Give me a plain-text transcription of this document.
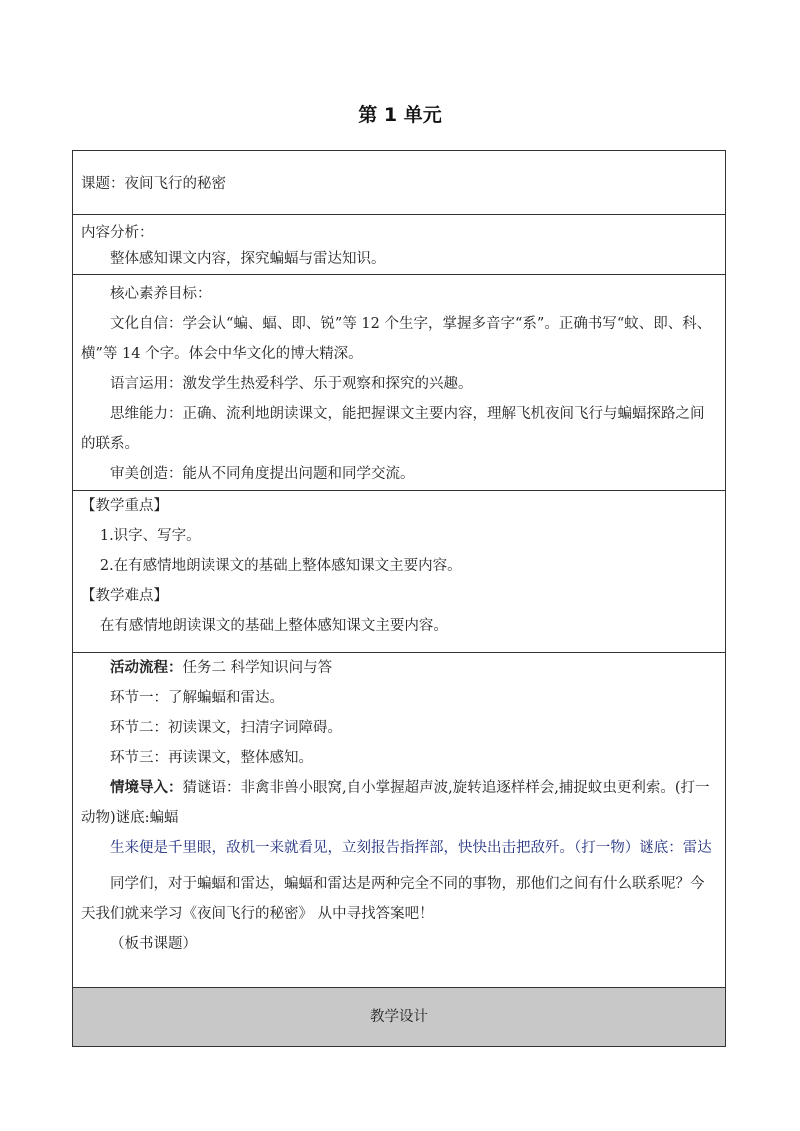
第 1 单元
课题：夜间飞行的秘密

内容分析：

整体感知课文内容，探究蝙蝠与雷达知识。

核心素养目标：

文化自信：学会认“蝙、蝠、即、锐”等 12 个生字，掌握多音字“系”。正确书写“蚊、即、科、横”等 14 个字。体会中华文化的博大精深。

语言运用：激发学生热爱科学、乐于观察和探究的兴趣。

思维能力：正确、流利地朗读课文，能把握课文主要内容，理解飞机夜间飞行与蝙蝠探路之间的联系。

审美创造：能从不同角度提出问题和同学交流。

【教学重点】

1.识字、写字。

2.在有感情地朗读课文的基础上整体感知课文主要内容。

【教学难点】

在有感情地朗读课文的基础上整体感知课文主要内容。

活动流程：任务二 科学知识问与答

环节一：了解蝙蝠和雷达。

环节二：初读课文，扫清字词障碍。

环节三：再读课文，整体感知。

情境导入：猜谜语：非禽非兽小眼窝,自小掌握超声波,旋转追逐样样会,捕捉蚊虫更利索。(打一动物)谜底:蝙蝠

生来便是千里眼，敌机一来就看见，立刻报告指挥部，快快出击把敌歼。（打一物）谜底：雷达

同学们，对于蝙蝠和雷达，蝙蝠和雷达是两种完全不同的事物，那他们之间有什么联系呢？今天我们就来学习《夜间飞行的秘密》 从中寻找答案吧！

（板书课题）

教学设计
